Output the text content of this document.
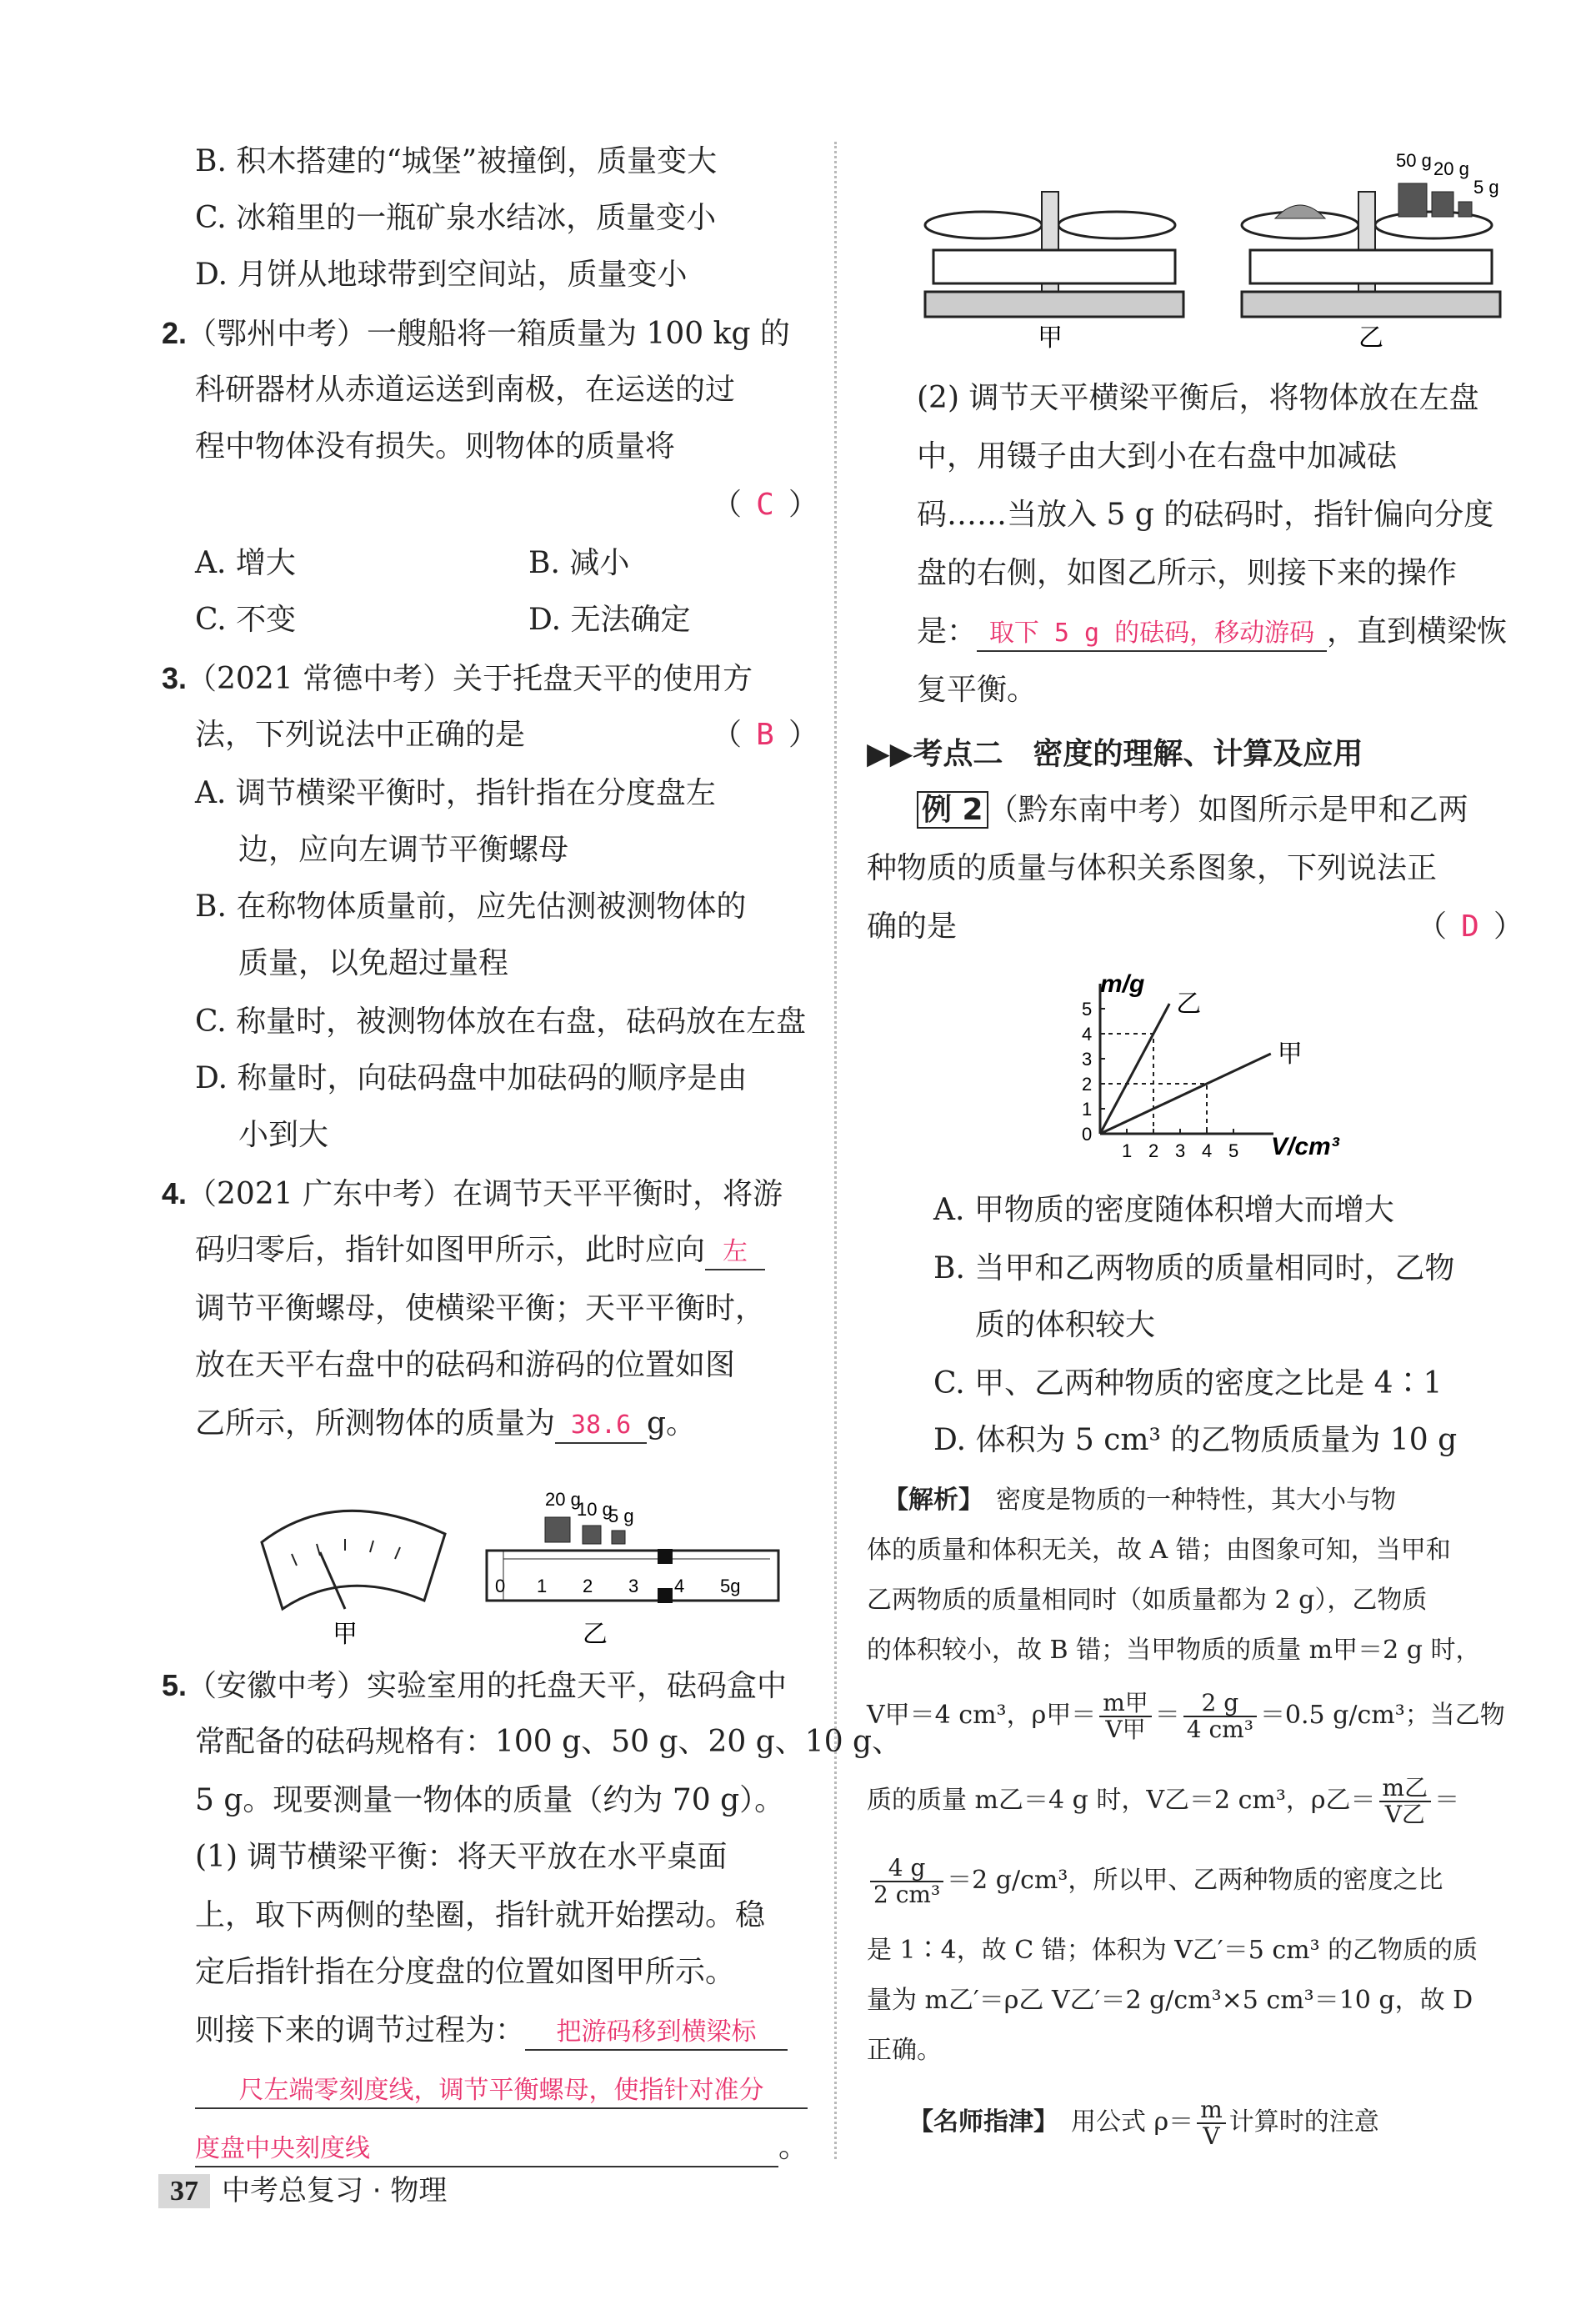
B. 积木搭建的“城堡”被撞倒，质量变大
C. 冰箱里的一瓶矿泉水结冰，质量变小
D. 月饼从地球带到空间站，质量变小
2.（鄂州中考）一艘船将一箱质量为 100 kg 的
科研器材从赤道运送到南极，在运送的过
程中物体没有损失。则物体的质量将
（ C ）
A. 增大	B. 减小
C. 不变	D. 无法确定
3.（2021 常德中考）关于托盘天平的使用方
法，下列说法中正确的是	（ B ）
A. 调节横梁平衡时，指针指在分度盘左
边，应向左调节平衡螺母
B. 在称物体质量前，应先估测被测物体的
质量，以免超过量程
C. 称量时，被测物体放在右盘，砝码放在左盘
D. 称量时，向砝码盘中加砝码的顺序是由
小到大
4.（2021 广东中考）在调节天平平衡时，将游
码归零后，指针如图甲所示，此时应向 左
调节平衡螺母，使横梁平衡；天平平衡时，
放在天平右盘中的砝码和游码的位置如图
乙所示，所测物体的质量为 38.6 g。
甲
20 g
10 g
5 g
0 1 2 3 4 5g
乙
5.（安徽中考）实验室用的托盘天平，砝码盒中
常配备的砝码规格有：100 g、50 g、20 g、10 g、
5 g。现要测量一物体的质量（约为 70 g）。
(1) 调节横梁平衡：将天平放在水平桌面
上，取下两侧的垫圈，指针就开始摆动。稳
定后指针指在分度盘的位置如图甲所示。
则接下来的调节过程为： 把游码移到横梁标
尺左端零刻度线，调节平衡螺母，使指针对准分
度盘中央刻度线	。
甲
50 g 20 g
5 g
乙
(2) 调节天平横梁平衡后，将物体放在左盘
中，用镊子由大到小在右盘中加减砝
码……当放入 5 g 的砝码时，指针偏向分度
盘的右侧，如图乙所示，则接下来的操作
是： 取下 5 g 的砝码，移动游码 ，直到横梁恢
复平衡。
▶▶考点二　密度的理解、计算及应用
例 2 （黔东南中考）如图所示是甲和乙两
种物质的质量与体积关系图象，下列说法正
确的是	（ D ）
m/g
V/cm³
0
1
2
3
4
5
1 2 3 4 5
乙
甲
A. 甲物质的密度随体积增大而增大
B. 当甲和乙两物质的质量相同时，乙物
质的体积较大
C. 甲、乙两种物质的密度之比是 4∶1
D. 体积为 5 cm³ 的乙物质质量为 10 g
【解析】　 密度是物质的一种特性，其大小与物
体的质量和体积无关，故 A 错；由图象可知，当甲和
乙两物质的质量相同时（如质量都为 2 g），乙物质
的体积较小，故 B 错；当甲物质的质量 m甲＝2 g 时，
V甲＝4 cm³，ρ甲＝ $\frac{\text{m甲}}{\text{V甲}} = \frac{2 g}{\text{4 cm³}} =0.5$ g/cm³；当乙物
质的质量 m乙＝4 g 时，V乙＝2 cm³，ρ乙＝ $\frac{\text{m乙}}{\text{V乙}}$ ＝
$\frac{4 g}{\text{2 cm³}} =2$ g/cm³，所以甲、乙两种物质的密度之比
是 1∶4，故 C 错；体积为 V乙′＝5 cm³ 的乙物质的质
量为 m乙′＝ρ乙 V乙′＝2 g/cm³×5 cm³＝10 g，故 D
正确。
【名师指津】　 用公式 $\rho= \frac{m}{V}$ 计算时的注意
37 中考总复习 · 物理
